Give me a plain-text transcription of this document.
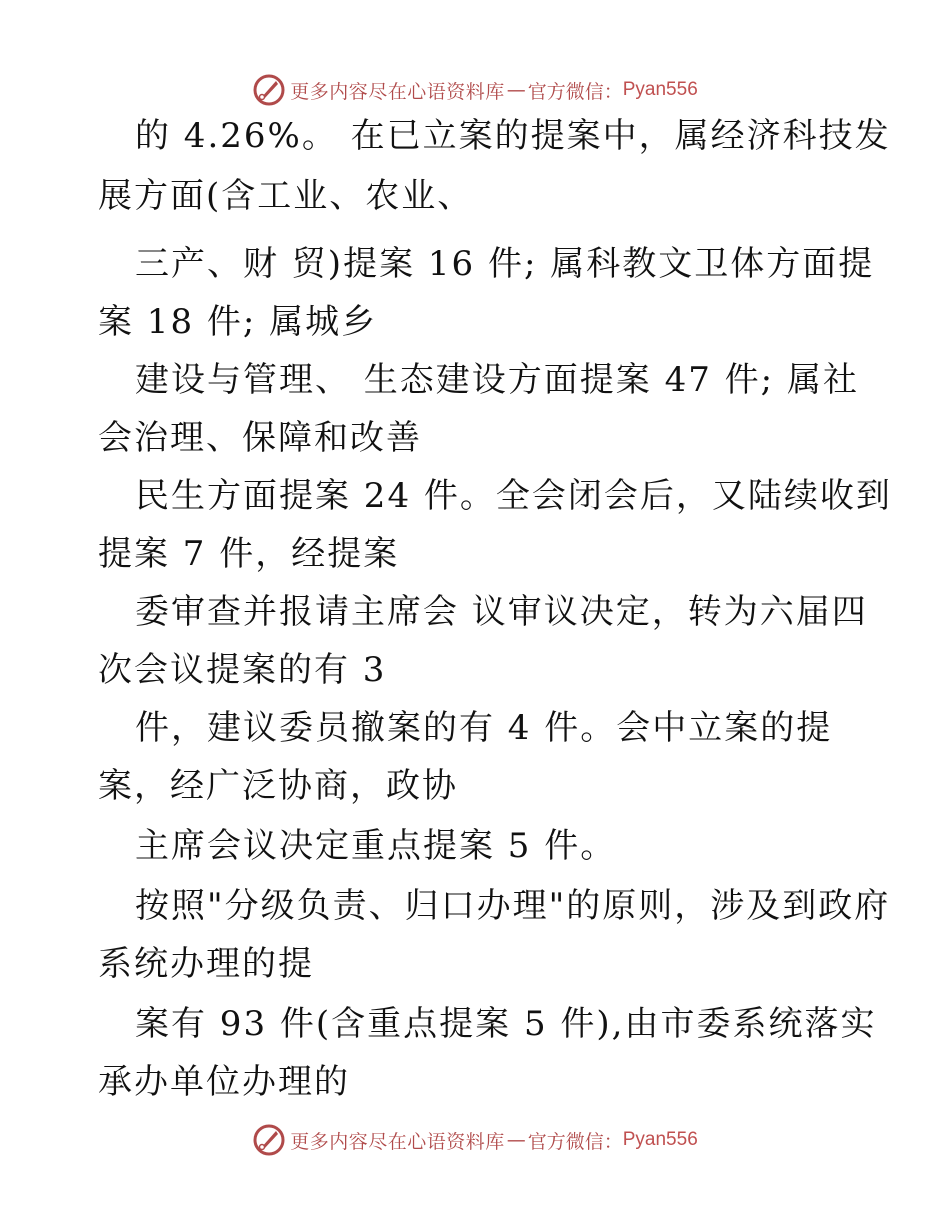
更多内容尽在心语资料库 — 官方微信： Pyan556
的 4.26%。 在已立案的提案中，属经济科技发
展方面(含工业、农业、
三产、财 贸)提案 16 件; 属科教文卫体方面提
案 18 件; 属城乡
建设与管理、 生态建设方面提案 47 件; 属社
会治理、保障和改善
民生方面提案 24 件。全会闭会后，又陆续收到
提案 7 件，经提案
委审查并报请主席会 议审议决定，转为六届四
次会议提案的有 3
件，建议委员撤案的有 4 件。会中立案的提
案，经广泛协商，政协
主席会议决定重点提案 5 件。
按照"分级负责、归口办理"的原则，涉及到政府
系统办理的提
案有 93 件(含重点提案 5 件),由市委系统落实
承办单位办理的
更多内容尽在心语资料库 — 官方微信： Pyan556
